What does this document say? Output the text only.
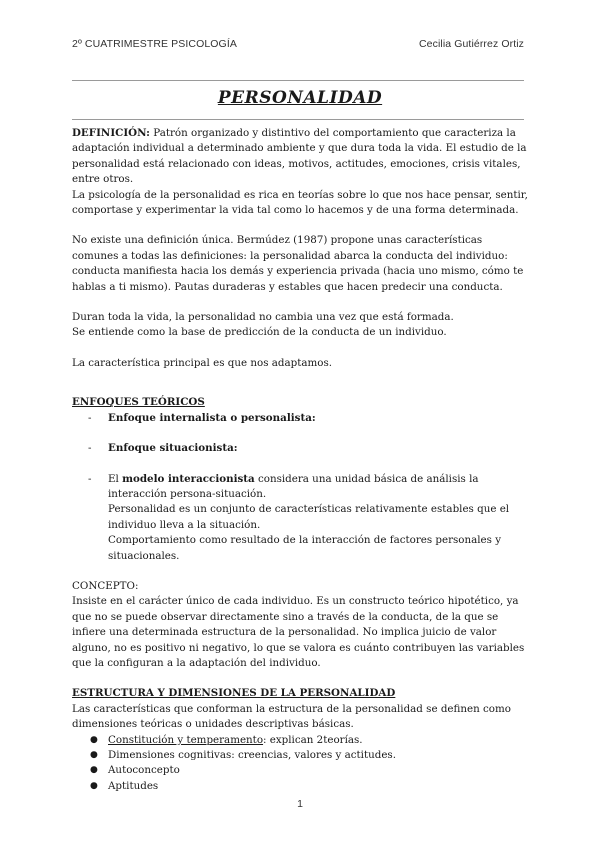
2º CUATRIMESTRE PSICOLOGÍA	Cecilia Gutiérrez Ortiz
PERSONALIDAD

DEFINICIÓN: Patrón organizado y distintivo del comportamiento que caracteriza la adaptación individual a determinado ambiente y que dura toda la vida. El estudio de la personalidad está relacionado con ideas, motivos, actitudes, emociones, crisis vitales, entre otros.

La psicología de la personalidad es rica en teorías sobre lo que nos hace pensar, sentir, comportase y experimentar la vida tal como lo hacemos y de una forma determinada.

No existe una definición única. Bermúdez (1987) propone unas características comunes a todas las definiciones: la personalidad abarca la conducta del individuo: conducta manifiesta hacia los demás y experiencia privada (hacia uno mismo, cómo te hablas a ti mismo). Pautas duraderas y estables que hacen predecir una conducta.

Duran toda la vida, la personalidad no cambia una vez que está formada.

Se entiende como la base de predicción de la conducta de un individuo.

La característica principal es que nos adaptamos.

ENFOQUES TEÓRICOS

- Enfoque internalista o personalista:
- Enfoque situacionista:
- El modelo interaccionista considera una unidad básica de análisis la interacción persona-situación.
Personalidad es un conjunto de características relativamente estables que el individuo lleva a la situación.
Comportamiento como resultado de la interacción de factores personales y situacionales.

CONCEPTO:

Insiste en el carácter único de cada individuo. Es un constructo teórico hipotético, ya que no se puede observar directamente sino a través de la conducta, de la que se infiere una determinada estructura de la personalidad. No implica juicio de valor alguno, no es positivo ni negativo, lo que se valora es cuánto contribuyen las variables que la configuran a la adaptación del individuo.

ESTRUCTURA Y DIMENSIONES DE LA PERSONALIDAD

Las características que conforman la estructura de la personalidad se definen como dimensiones teóricas o unidades descriptivas básicas.

● Constitución y temperamento: explican 2teorías.
● Dimensiones cognitivas: creencias, valores y actitudes.
● Autoconcepto
● Aptitudes
1
